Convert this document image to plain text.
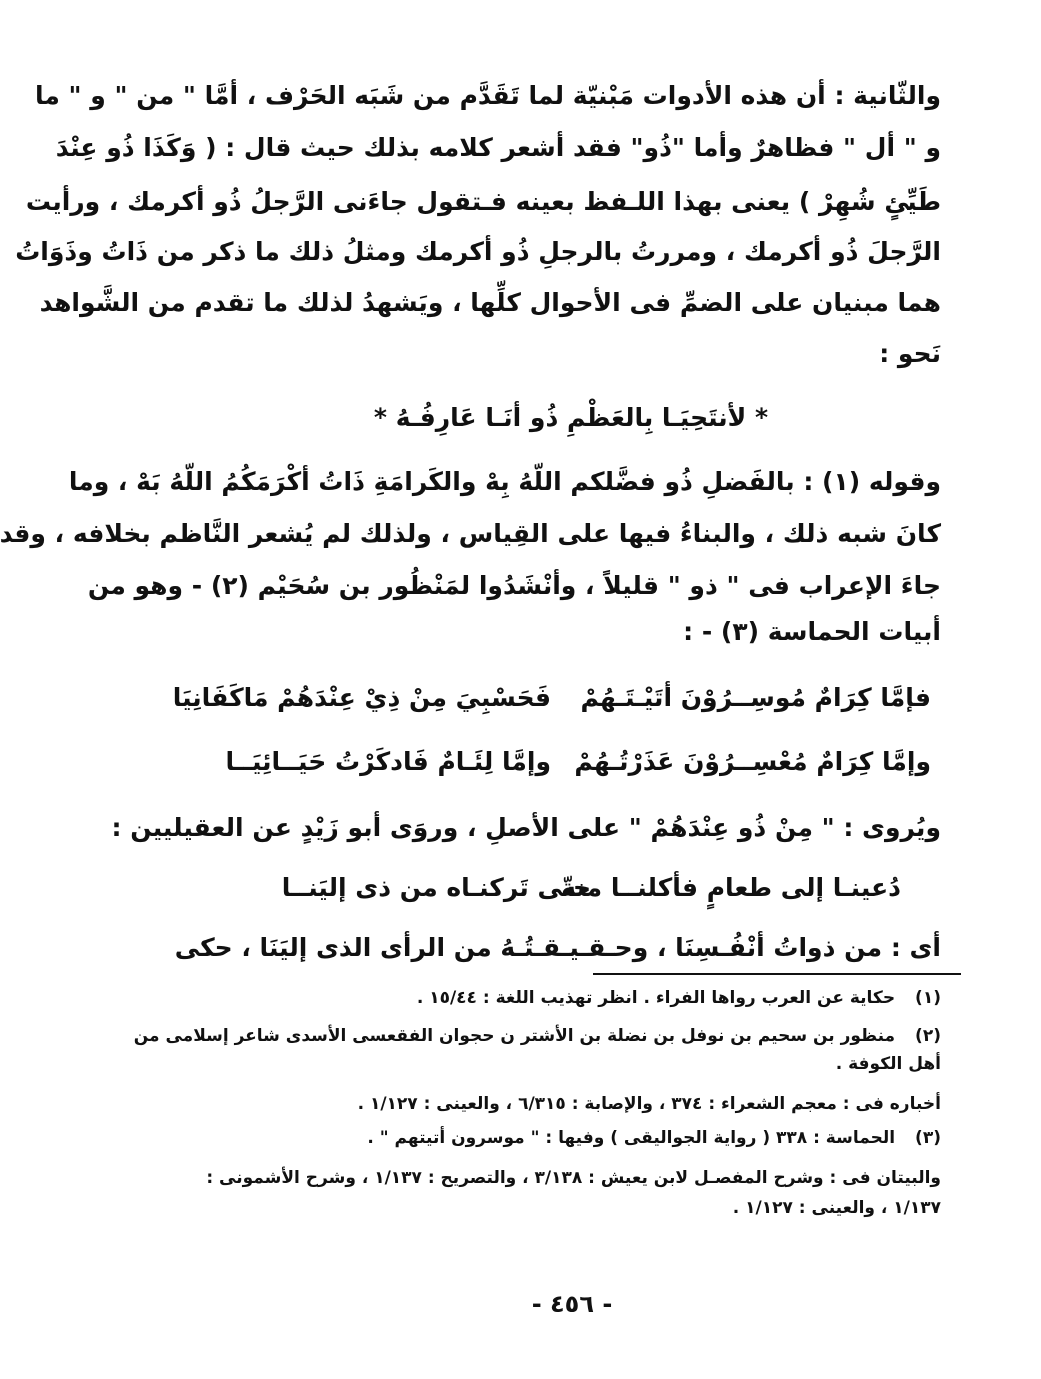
والثّانية : أن هذه الأدوات مَبْنيّة لما تَقَدَّم من شَبَه الحَرْف ، أمَّا " من " و " ما
و " أل " فظاهرٌ وأما "ذُو" فقد أشعر كلامه بذلك حيث قال : ( وَكَذَا ذُو عِنْدَ
طَيِّئٍ شُهِرْ ) يعنى بهذا اللـفظ بعينه فـتقول جاءَنى الرَّجلُ ذُو أكرمك ، ورأيت
الرَّجلَ ذُو أكرمك ، ومررتُ بالرجلِ ذُو أكرمك ومثلُ ذلك ما ذكر من ذَاتُ وذَوَاتُ
هما مبنيان على الضمِّ فى الأحوال كلِّها ، ويَشهدُ لذلك ما تقدم من الشَّواهد
نَحو :
* لأنتَحِيَـا بِالعَظْمِ ذُو أنَـا عَارِفُـهُ *
وقوله (١) : بالفَضلِ ذُو فضَّلكم اللّهُ بِهْ والكَرامَةِ ذَاتُ أكْرَمَكُمُ اللّهُ بَهْ ، وما
كانَ شبه ذلك ، والبناءُ فيها على القِياس ، ولذلك لم يُشعر النَّاظم بخلافه ، وقد
جاءَ الإعراب فى " ذو " قليلاً ، وأنْشَدُوا لمَنْظُور بن سُحَيْم (٢) - وهو من
أبيات الحماسة (٣) - :
فإمَّا كِرَامٌ مُوسِــرُوْنَ أتَيْـتَـهُمْ
فَحَسْبِيَ مِنْ ذِيْ عِنْدَهُمْ مَاكَفَانِيَا
وإمَّا كِرَامٌ مُعْسِــرُوْنَ عَذَرْتُـهُمْ
وإمَّا لِئَـامٌ فَادكَرْتُ حَيَــائِيَــا
ويُروى : " مِنْ ذُو عِنْدَهُمْ " على الأصلِ ، وروَى أبو زَيْدٍ عن العقيليين :
دُعينـا إلى طعامٍ فأكلنــا منه
حتّى تَركنـاه من ذى إليَنــا
أى : من ذواتُ أنْفُـسِنَا ، وحـقـيـقـتُـهُ من الرأى الذى إليَنَا ، حكى
(١) حكاية عن العرب رواها الفراء . انظر تهذيب اللغة : ١٥/٤٤ .
(٢) منظور بن سحيم بن نوفل بن نضلة بن الأشتر ن حجوان الفقعسى الأسدى شاعر إسلامى من
أهل الكوفة .
أخباره فى : معجم الشعراء : ٣٧٤ ، والإصابة : ٦/٣١٥ ، والعينى : ١/١٢٧ .
(٣) الحماسة : ٣٣٨ ( رواية الجواليقى ) وفيها : " موسرون أتيتهم " .
والبيتان فى : وشرح المفصـل لابن يعيش : ٣/١٣٨ ، والتصريح : ١/١٣٧ ، وشرح الأشمونى :
١/١٣٧ ، والعينى : ١/١٢٧ .
- ٤٥٦ -
